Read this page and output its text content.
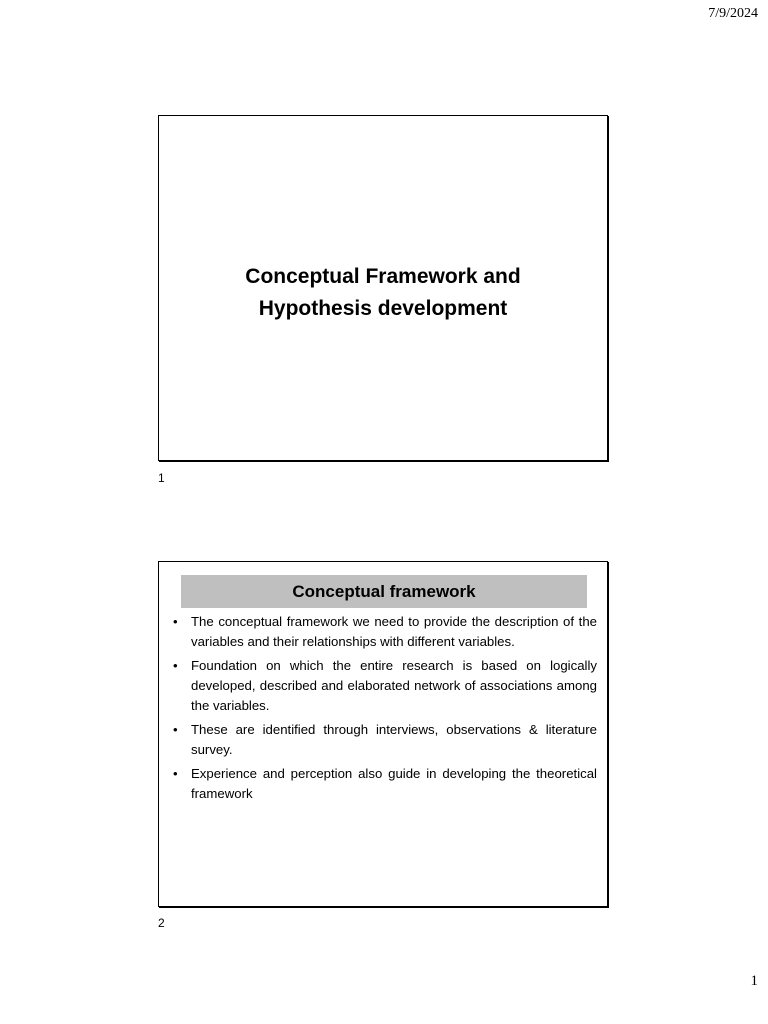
7/9/2024
Conceptual Framework and
Hypothesis development
1
Conceptual framework
• The conceptual framework we need to provide the description of the variables and their relationships with different variables.
• Foundation on which the entire research is based on logically developed, described and elaborated network of associations among the variables.
• These are identified through interviews, observations & literature survey.
• Experience and perception also guide in developing the theoretical framework
2
1
